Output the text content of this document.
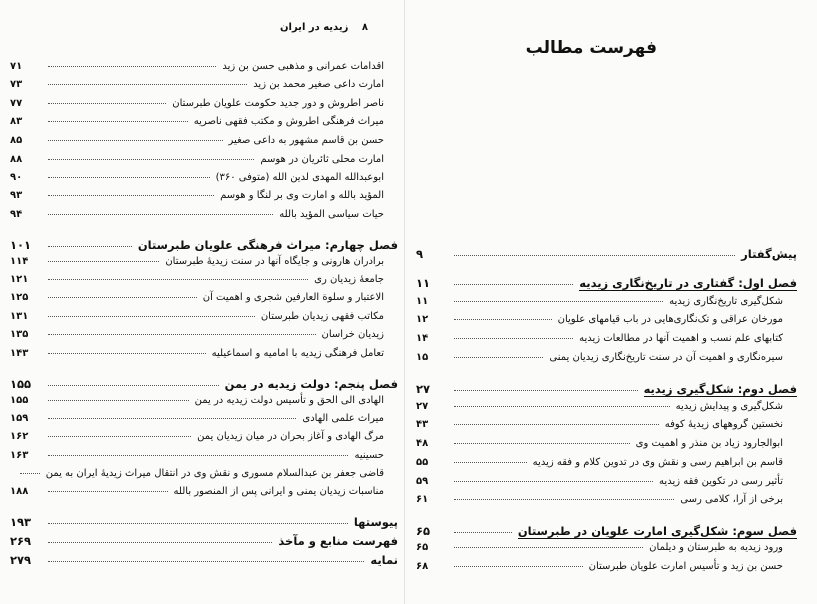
۸ زیدیه در ایران
اقدامات عمرانی و مذهبی حسن بن زید
۷۱
امارت داعی صغیر محمد بن زید
۷۳
ناصر اطروش و دور جدید حکومت علویان طبرستان
۷۷
میراث فرهنگی اطروش و مکتب فقهی ناصریه
۸۳
حسن بن قاسم مشهور به داعی صغیر
۸۵
امارت محلی ثائریان در هوسم
۸۸
ابوعبدالله المهدی لدین الله (متوفی ۳۶۰)
۹۰
المؤید بالله و امارت وی بر لنگا و هوسم
۹۳
حیات سیاسی المؤید بالله
۹۴
فصل چهارم: میراث فرهنگی علویان طبرستان
۱۰۱
برادران هارونی و جایگاه آنها در سنت زیدیهٔ طبرستان
۱۱۴
جامعهٔ زیدیان ری
۱۲۱
الاعتبار و سلوة العارفین شجری و اهمیت آن
۱۲۵
مکاتب فقهی زیدیان طبرستان
۱۳۱
زیدیان خراسان
۱۳۵
تعامل فرهنگی زیدیه با امامیه و اسماعیلیه
۱۴۳
فصل پنجم: دولت زیدیه در یمن
۱۵۵
الهادی الی الحق و تأسیس دولت زیدیه در یمن
۱۵۵
میراث علمی الهادی
۱۵۹
مرگ الهادی و آغاز بحران در میان زیدیان یمن
۱۶۲
حسینیه
۱۶۳
قاضی جعفر بن عبدالسلام مسوری و نقش وی در انتقال میراث زیدیهٔ ایران به یمن
مناسبات زیدیان یمنی و ایرانی پس از المنصور بالله
۱۸۸
پیوستها
۱۹۳
فهرست منابع و مآخذ
۲۶۹
نمایه
۲۷۹
فهرست مطالب
پیش‌گفتار
۹
فصل اول: گفتاری در تاریخ‌نگاری زیدیه
۱۱
شکل‌گیری تاریخ‌نگاری زیدیه
۱۱
مورخان عراقی و تک‌نگاری‌هایی در باب قیامهای علویان
۱۲
کتابهای علم نسب و اهمیت آنها در مطالعات زیدیه
۱۴
سیره‌نگاری و اهمیت آن در سنت تاریخ‌نگاری زیدیان یمنی
۱۵
فصل دوم: شکل‌گیری زیدیه
۲۷
شکل‌گیری و پیدایش زیدیه
۲۷
نخستین گروههای زیدیهٔ کوفه
۴۳
ابوالجارود زیاد بن منذر و اهمیت وی
۴۸
قاسم بن ابراهیم رسی و نقش وی در تدوین کلام و فقه زیدیه
۵۵
تأثیر رسی در تکوین فقه زیدیه
۵۹
برخی از آرا، کلامی رسی
۶۱
فصل سوم: شکل‌گیری امارت علویان در طبرستان
۶۵
ورود زیدیه به طبرستان و دیلمان
۶۵
حسن بن زید و تأسیس امارت علویان طبرستان
۶۸
